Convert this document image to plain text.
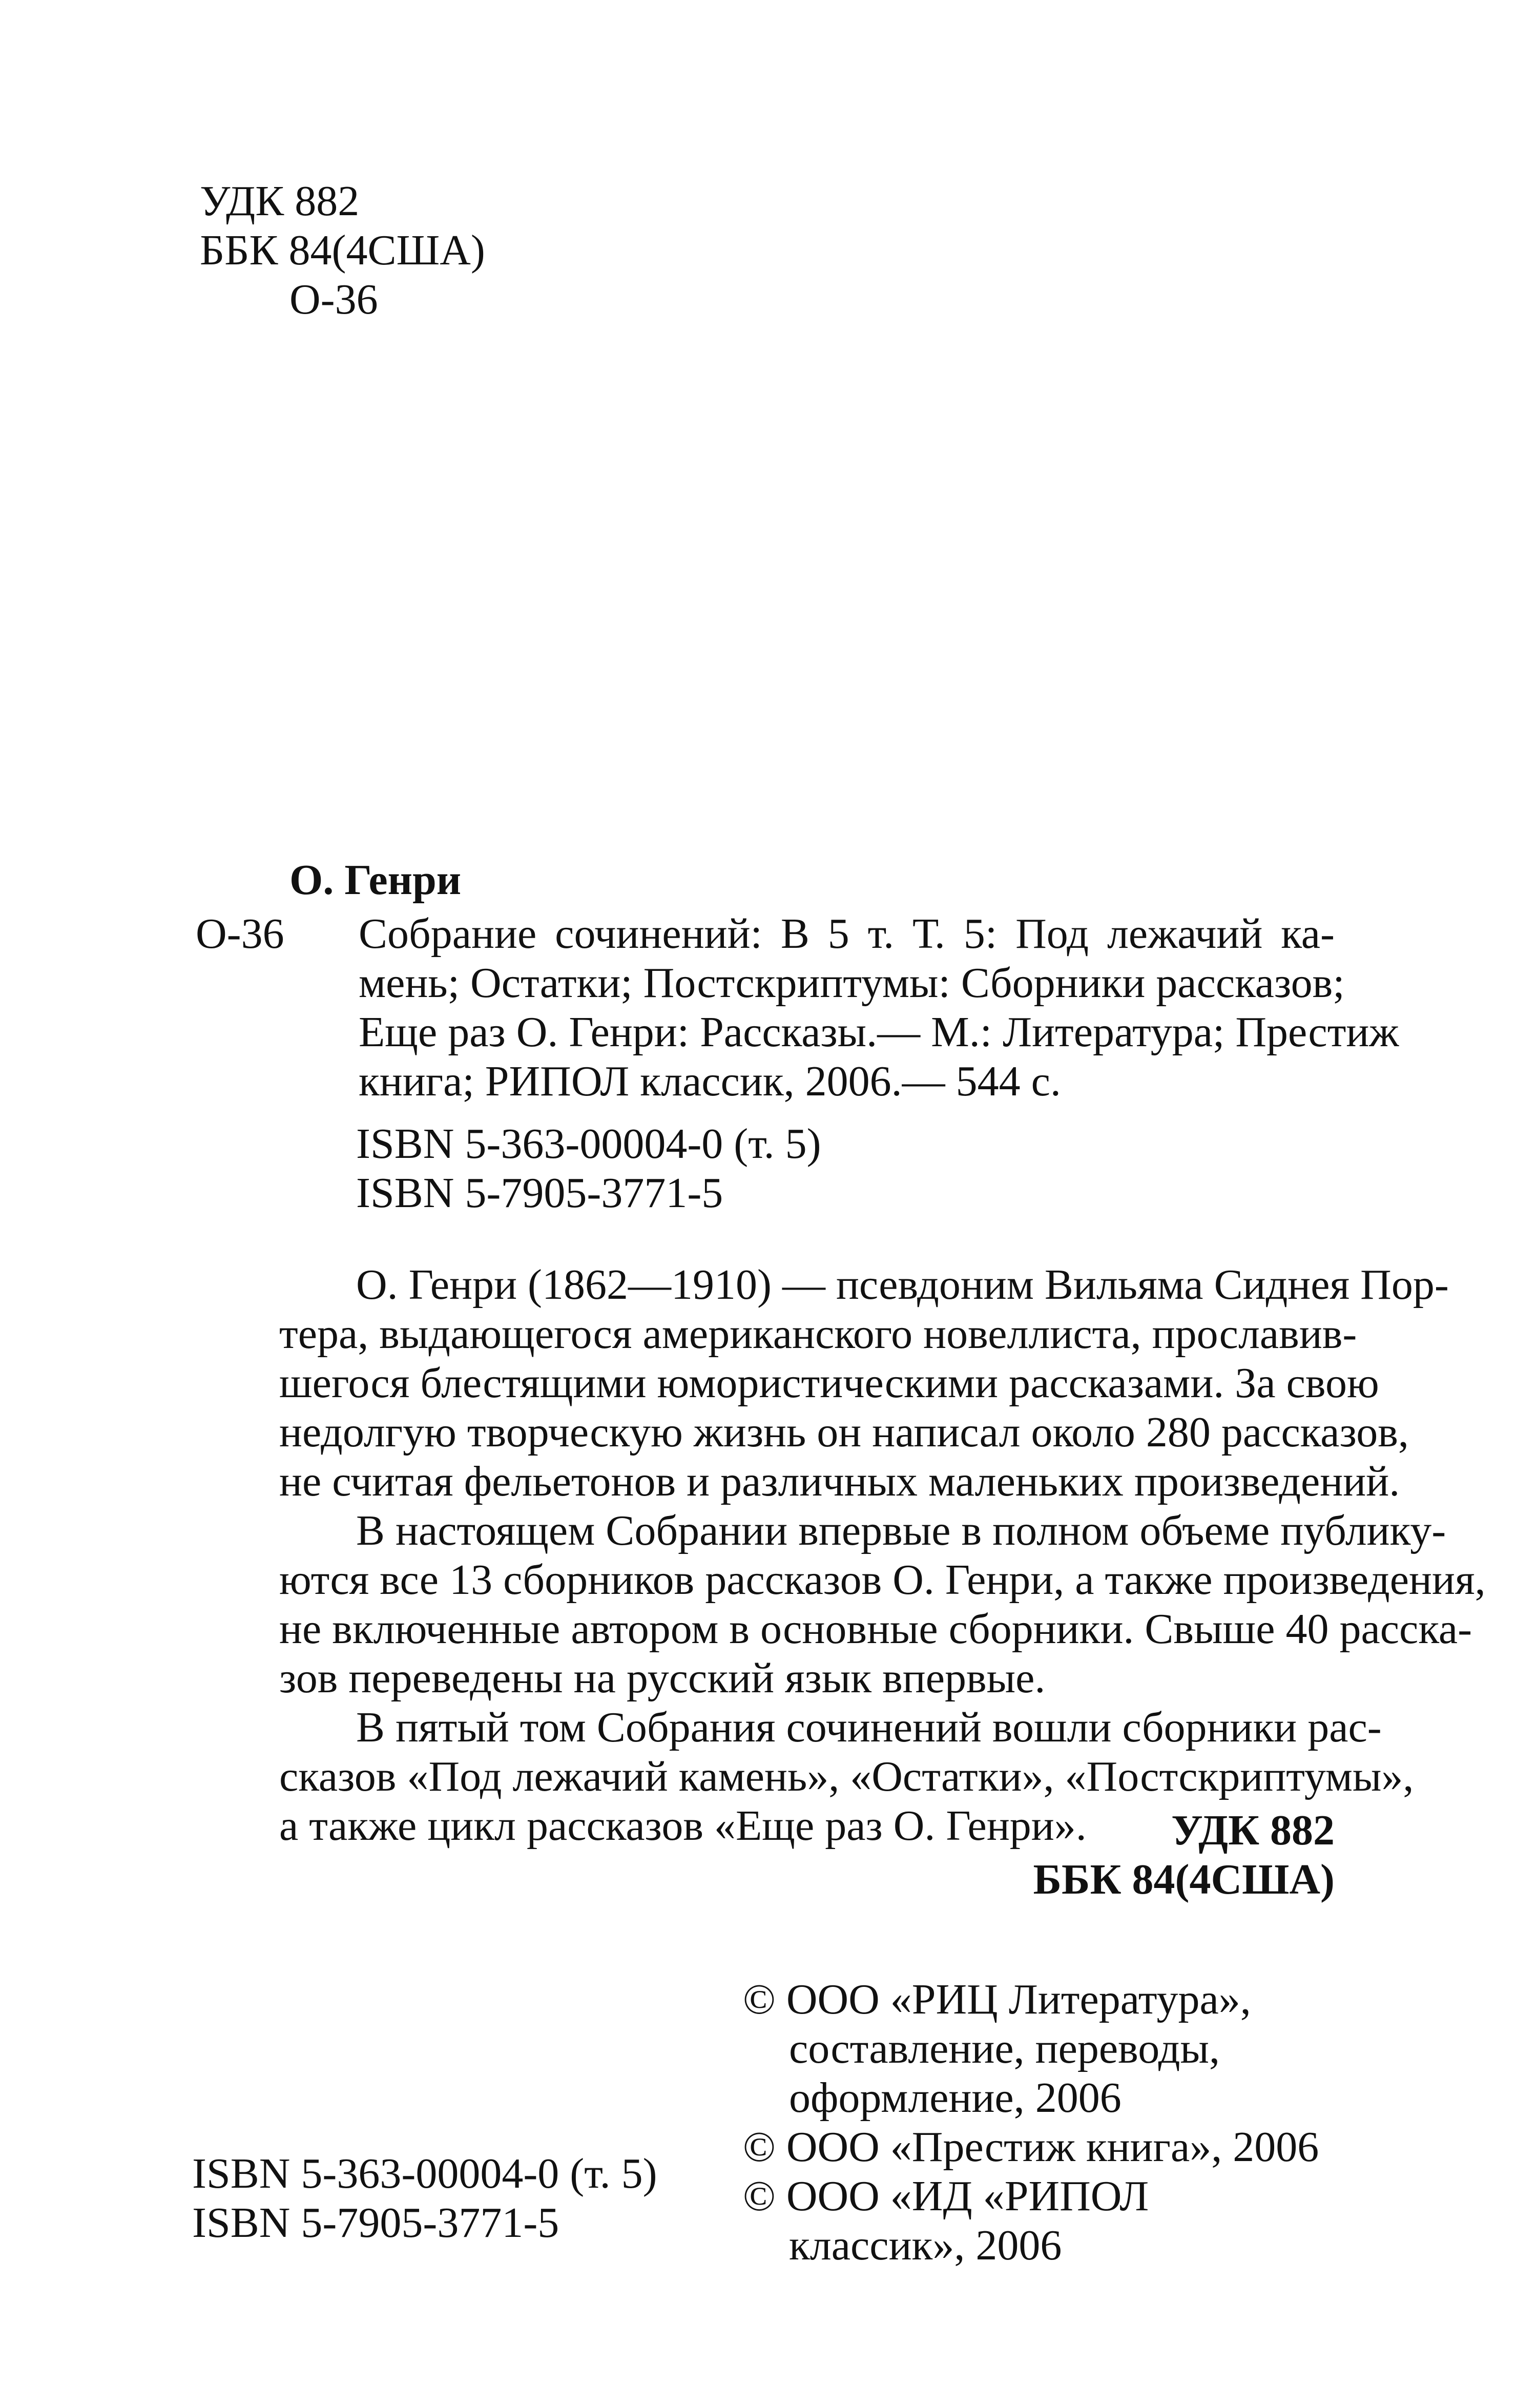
УДК 882
ББК 84(4США)
О-36
О. Генри
О-36 Собрание сочинений: В 5 т. Т. 5: Под лежачий ка-
мень; Остатки; Постскриптумы: Сборники рассказов;
Еще раз О. Генри: Рассказы.— М.: Литература; Престиж
книга; РИПОЛ классик, 2006.— 544 с.
ISBN 5-363-00004-0 (т. 5)
ISBN 5-7905-3771-5
О. Генри (1862—1910) — псевдоним Вильяма Сиднея Пор-
тера, выдающегося американского новеллиста, прославив-
шегося блестящими юмористическими рассказами. За свою
недолгую творческую жизнь он написал около 280 рассказов,
не считая фельетонов и различных маленьких произведений.
В настоящем Собрании впервые в полном объеме публику-
ются все 13 сборников рассказов О. Генри, а также произведения,
не включенные автором в основные сборники. Свыше 40 расска-
зов переведены на русский язык впервые.
В пятый том Собрания сочинений вошли сборники рас-
сказов «Под лежачий камень», «Остатки», «Постскриптумы»,
а также цикл рассказов «Еще раз О. Генри».	УДК 882
ББК 84(4США)
© ООО «РИЦ Литература»,
составление, переводы,
оформление, 2006
© ООО «Престиж книга», 2006
© ООО «ИД «РИПОЛ
классик», 2006
ISBN 5-363-00004-0 (т. 5)
ISBN 5-7905-3771-5
